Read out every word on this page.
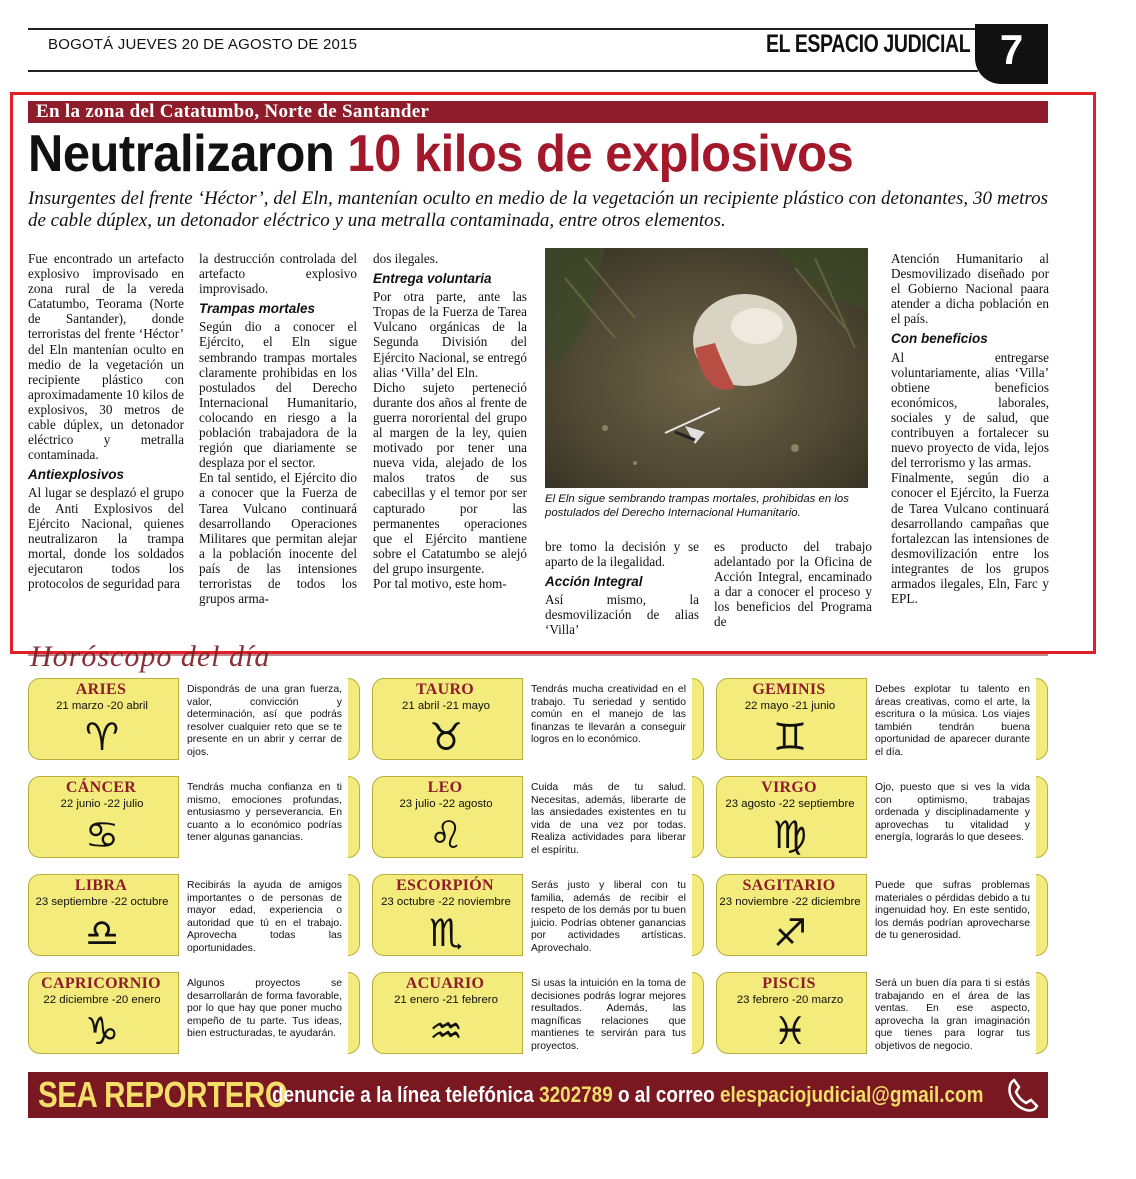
BOGOTÁ JUEVES 20 DE AGOSTO DE 2015	EL ESPACIO JUDICIAL 7
En la zona del Catatumbo, Norte de Santander
Neutralizaron 10 kilos de explosivos
Insurgentes del frente ‘Héctor’, del Eln, mantenían oculto en medio de la vegetación un recipiente plástico con detonantes, 30 metros de cable dúplex, un detonador eléctrico y una metralla contaminada, entre otros elementos.

Fue encontrado un artefacto explosivo improvisado en zona rural de la vereda Catatumbo, Teorama (Norte de Santander), donde terroristas del frente ‘Héctor’ del Eln mantenían oculto en medio de la vegetación un recipiente plástico con aproximadamente 10 kilos de explosivos, 30 metros de cable dúplex, un detonador eléctrico y metralla contaminada.

Antiexplosivos

Al lugar se desplazó el grupo de Anti Explosivos del Ejército Nacional, quienes neutralizaron la trampa mortal, donde los soldados ejecutaron todos los protocolos de seguridad para

la destrucción controlada del artefacto explosivo improvisado.

Trampas mortales

Según dio a conocer el Ejército, el Eln sigue sembrando trampas mortales claramente prohibidas en los postulados del Derecho Internacional Humanitario, colocando en riesgo a la población trabajadora de la región que diariamente se desplaza por el sector.

En tal sentido, el Ejército dio a conocer que la Fuerza de Tarea Vulcano continuará desarrollando Operaciones Militares que permitan alejar a la población inocente del país de las intensiones terroristas de todos los grupos arma-

dos ilegales.

Entrega voluntaria

Por otra parte, ante las Tropas de la Fuerza de Tarea Vulcano orgánicas de la Segunda División del Ejército Nacional, se entregó alias ‘Villa’ del Eln.

Dicho sujeto perteneció durante dos años al frente de guerra nororiental del grupo al margen de la ley, quien motivado por tener una nueva vida, alejado de los malos tratos de sus cabecillas y el temor por ser capturado por las permanentes operaciones que el Ejército mantiene sobre el Catatumbo se alejó del grupo insurgente.

Por tal motivo, este hom-

El Eln sigue sembrando trampas mortales, prohibidas en los postulados del Derecho Internacional Humanitario.

bre tomo la decisión y se aparto de la ilegalidad.

Acción Integral

Así mismo, la desmovilización de alias ‘Villa’

es producto del trabajo adelantado por la Oficina de Acción Integral, encaminado a dar a conocer el proceso y los beneficios del Programa de

Atención Humanitario al Desmovilizado diseñado por el Gobierno Nacional paara atender a dicha población en el país.

Con beneficios

Al entregarse voluntariamente, alias ‘Villa’ obtiene beneficios económicos, laborales, sociales y de salud, que contribuyen a fortalecer su nuevo proyecto de vida, lejos del terrorismo y las armas.

Finalmente, según dio a conocer el Ejército, la Fuerza de Tarea Vulcano continuará desarrollando campañas que fortalezcan las intensiones de desmovilización entre los integrantes de los grupos armados ilegales, Eln, Farc y EPL.

Horóscopo del día
ARIES
21 marzo -20 abril
♈
Dispondrás de una gran fuerza, valor, convicción y determinación, así que podrás resolver cualquier reto que se te presente en un abrir y cerrar de ojos.
TAURO
21 abril -21 mayo
♉
Tendrás mucha creatividad en el trabajo. Tu seriedad y sentido común en el manejo de las finanzas te llevarán a conseguir logros en lo económico.
GEMINIS
22 mayo -21 junio
♊
Debes explotar tu talento en áreas creativas, como el arte, la escritura o la música. Los viajes también tendrán buena oportunidad de aparecer durante el día.
CÁNCER
22 junio -22 julio
♋
Tendrás mucha confianza en ti mismo, emociones profundas, entusiasmo y perseverancia. En cuanto a lo económico podrías tener algunas ganancias.
LEO
23 julio -22 agosto
♌
Cuida más de tu salud. Necesitas, además, liberarte de las ansiedades existentes en tu vida de una vez por todas. Realiza actividades para liberar el espíritu.
VIRGO
23 agosto -22 septiembre
♍
Ojo, puesto que si ves la vida con optimismo, trabajas ordenada y disciplinadamente y aprovechas tu vitalidad y energía, lograrás lo que desees.
LIBRA
23 septiembre -22 octubre
♎
Recibirás la ayuda de amigos importantes o de personas de mayor edad, experiencia o autoridad que tú en el trabajo. Aprovecha todas las oportunidades.
ESCORPIÓN
23 octubre -22 noviembre
♏
Serás justo y liberal con tu familia, además de recibir el respeto de los demás por tu buen juicio. Podrías obtener ganancias por actividades artísticas. Aprovechalo.
SAGITARIO
23 noviembre -22 diciembre
♐
Puede que sufras problemas materiales o pérdidas debido a tu ingenuidad hoy. En este sentido, los demás podrían aprovecharse de tu generosidad.
CAPRICORNIO
22 diciembre -20 enero
♑
Algunos proyectos se desarrollarán de forma favorable, por lo que hay que poner mucho empeño de tu parte. Tus ideas, bien estructuradas, te ayudarán.
ACUARIO
21 enero -21 febrero
♒
Si usas la intuición en la toma de decisiones podrás lograr mejores resultados. Además, las magníficas relaciones que mantienes te servirán para tus proyectos.
PISCIS
23 febrero -20 marzo
♓
Será un buen día para ti si estás trabajando en el área de las ventas. En ese aspecto, aprovecha la gran imaginación que tienes para lograr tus objetivos de negocio.
SEA REPORTERO
denuncie a la línea telefónica 3202789 o al correo elespaciojudicial@gmail.com
